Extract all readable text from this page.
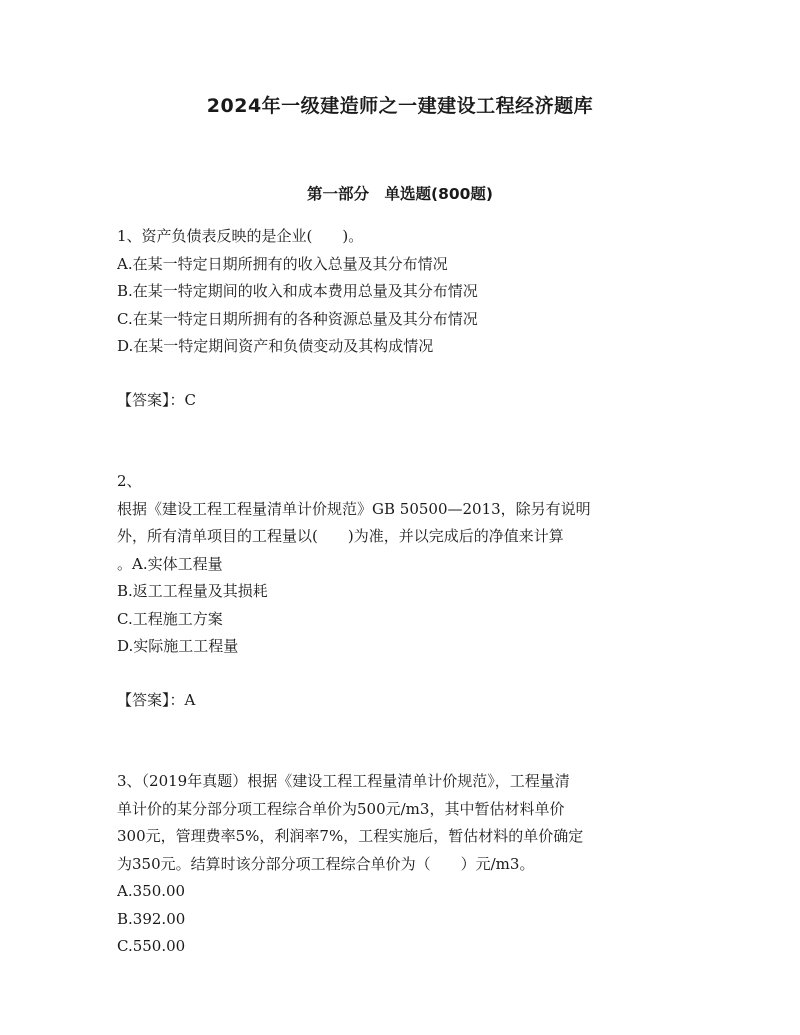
2024年一级建造师之一建建设工程经济题库
第一部分　单选题(800题)
1、资产负债表反映的是企业(　　)。
A.在某一特定日期所拥有的收入总量及其分布情况
B.在某一特定期间的收入和成本费用总量及其分布情况
C.在某一特定日期所拥有的各种资源总量及其分布情况
D.在某一特定期间资产和负债变动及其构成情况
【答案】：C
2、
根据《建设工程工程量清单计价规范》GB 50500—2013，除另有说明
外，所有清单项目的工程量以(　　)为准，并以完成后的净值来计算
。A.实体工程量
B.返工工程量及其损耗
C.工程施工方案
D.实际施工工程量
【答案】：A
3、（2019年真题）根据《建设工程工程量清单计价规范》，工程量清
单计价的某分部分项工程综合单价为500元/m3，其中暂估材料单价
300元，管理费率5%，利润率7%，工程实施后，暂估材料的单价确定
为350元。结算时该分部分项工程综合单价为（　　）元/m3。
A.350.00
B.392.00
C.550.00
